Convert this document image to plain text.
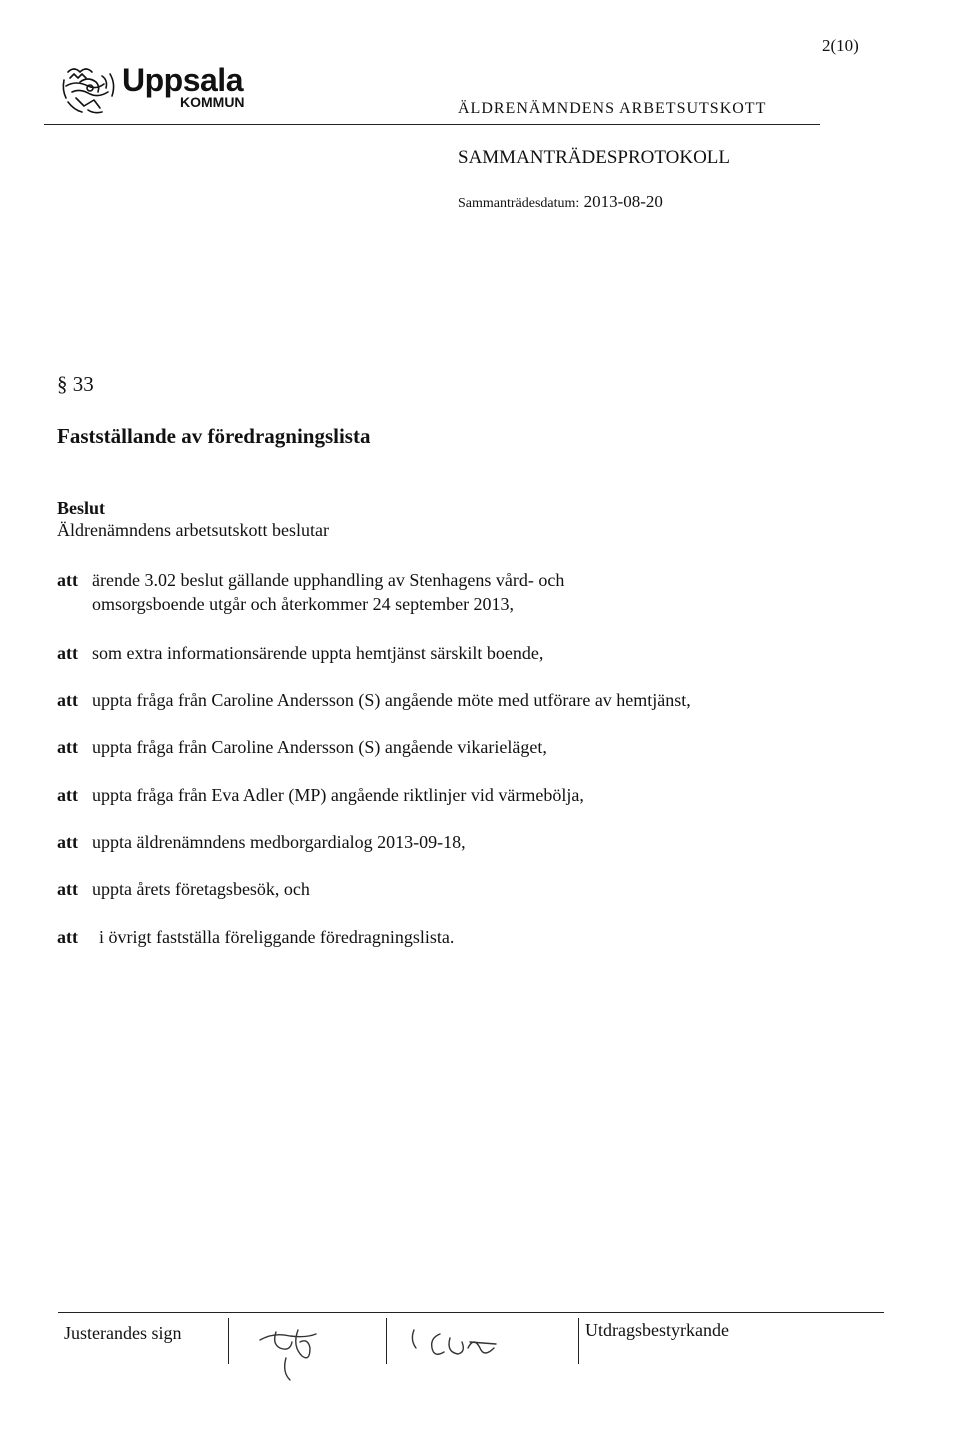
2(10)
Uppsala
KOMMUN	ÄLDRENÄMNDENS ARBETSUTSKOTT
SAMMANTRÄDESPROTOKOLL
Sammanträdesdatum: 2013-08-20
§ 33
Fastställande av föredragningslista
Beslut
Äldrenämndens arbetsutskott beslutar
att ärende 3.02 beslut gällande upphandling av Stenhagens vård- och
omsorgsboende utgår och återkommer 24 september 2013,
att som extra informationsärende uppta hemtjänst särskilt boende,
att uppta fråga från Caroline Andersson (S) angående möte med utförare av hemtjänst,
att uppta fråga från Caroline Andersson (S) angående vikarieläget,
att uppta fråga från Eva Adler (MP) angående riktlinjer vid värmebölja,
att uppta äldrenämndens medborgardialog 2013-09-18,
att uppta årets företagsbesök, och
att i övrigt fastställa föreliggande föredragningslista.
Justerandes sign	Utdragsbestyrkande
